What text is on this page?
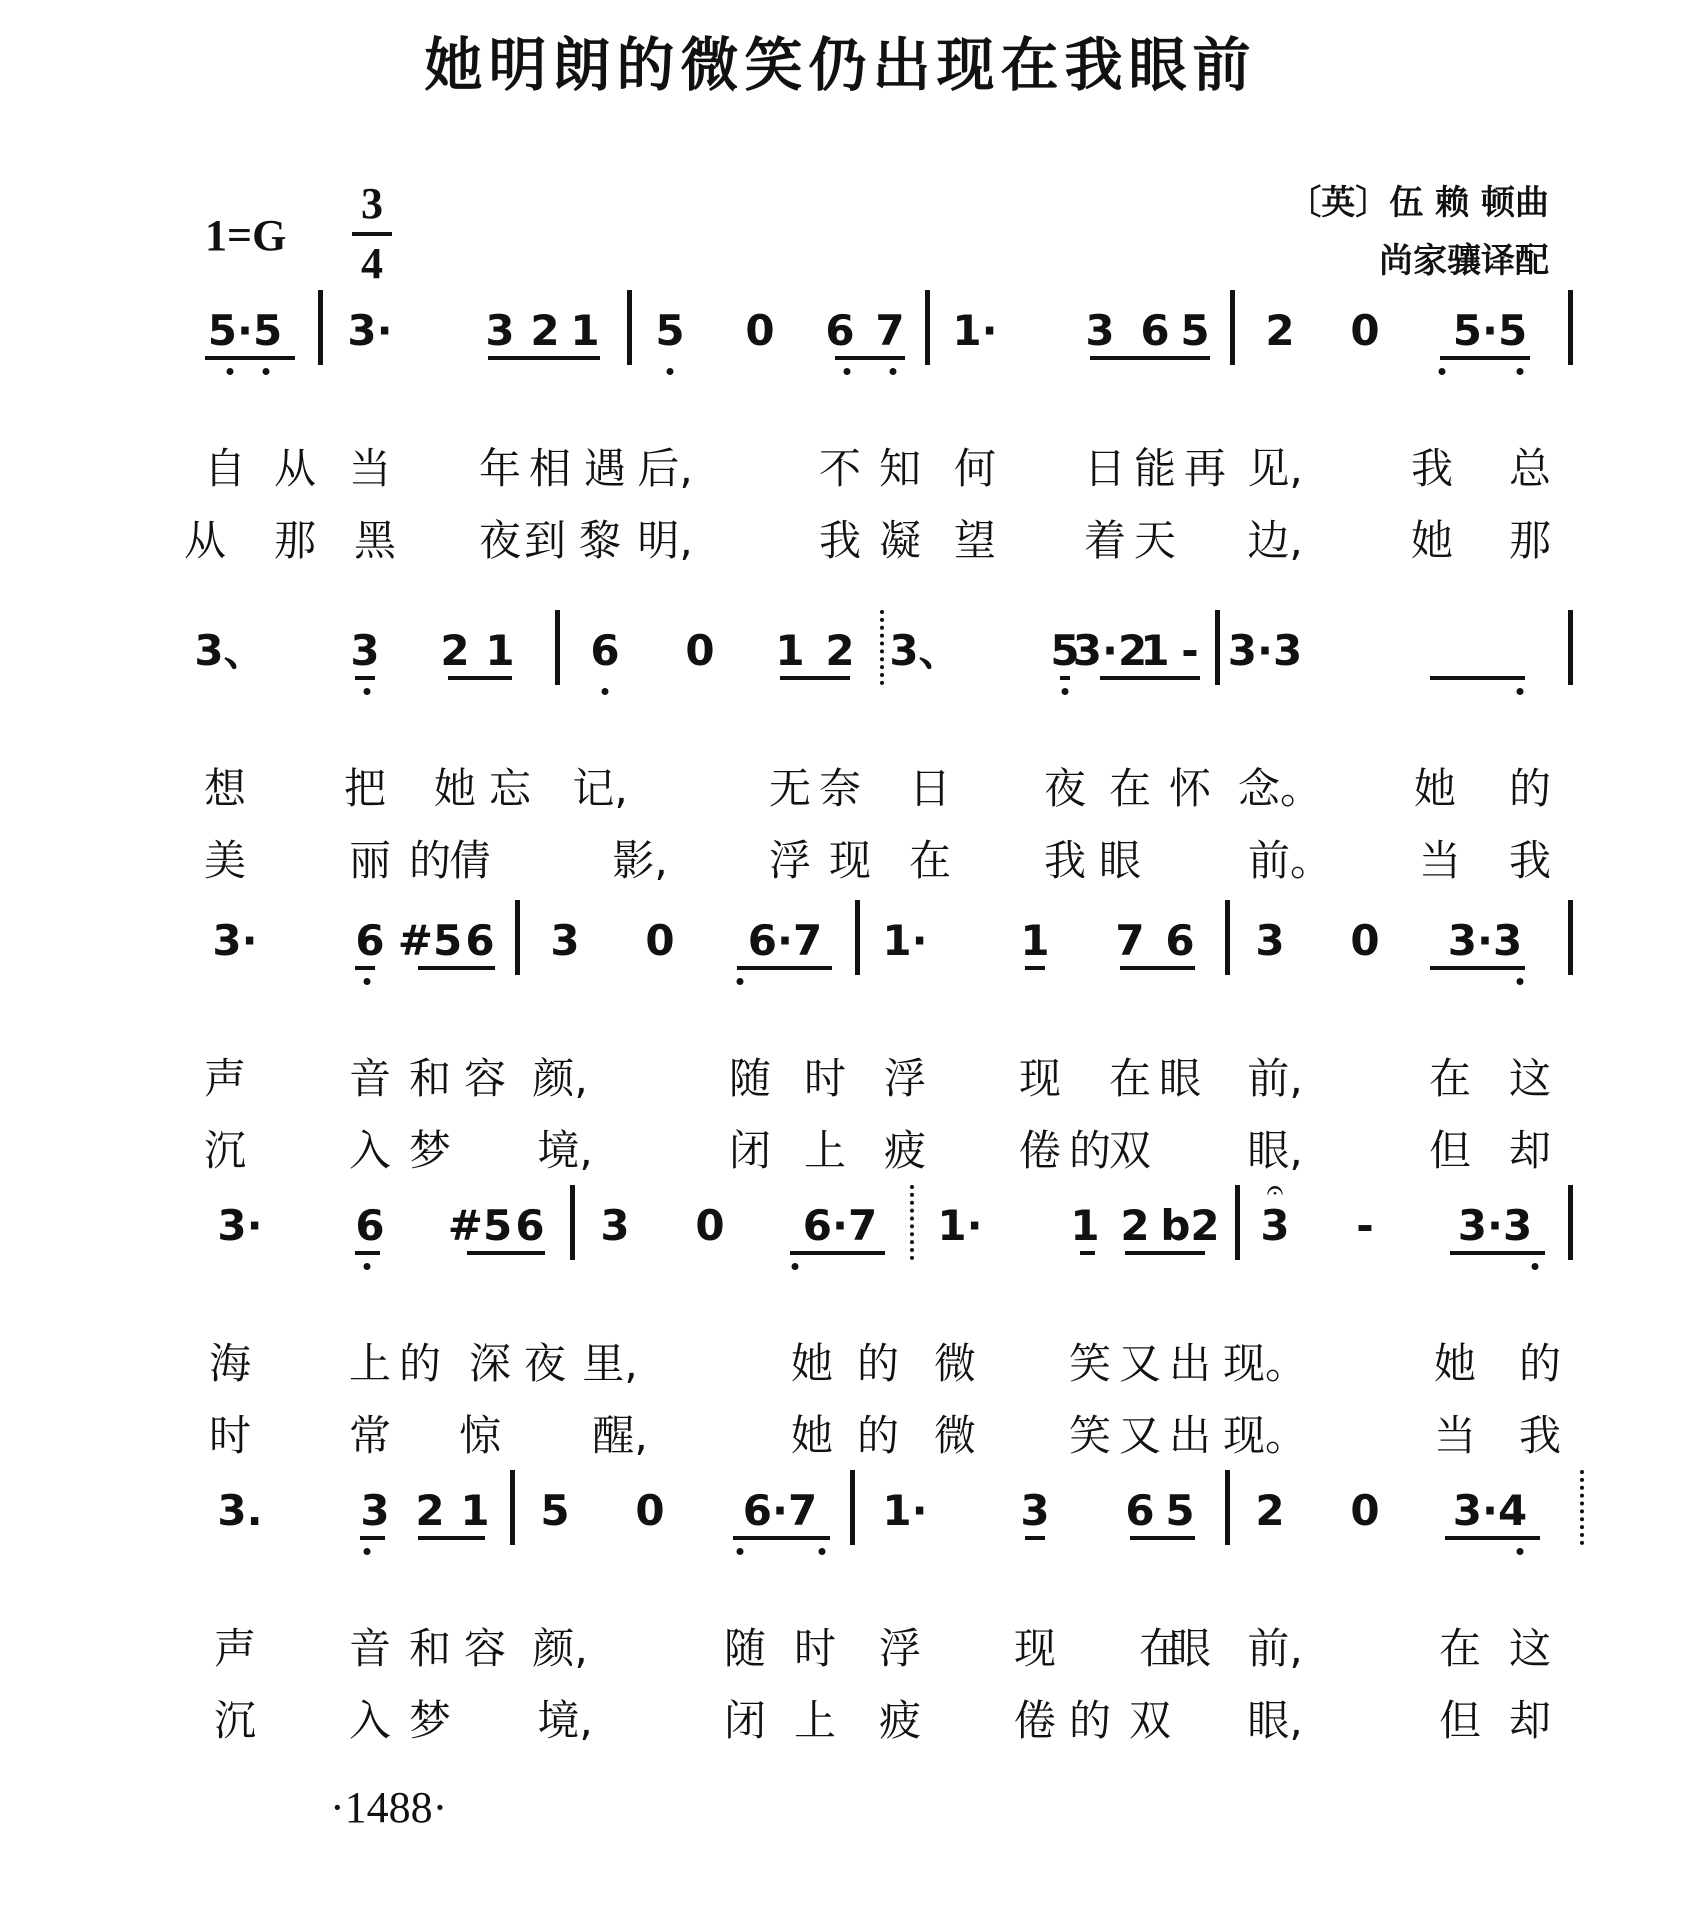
她明朗的微笑仍出现在我眼前
1=G
3
4
〔英〕伍 赖 顿曲
尚家骧译配
5·5 3· 3 2 1 5 0 6 7 1· 3 6 5 2 0 5·5
自 从 当 年 相 遇 后,	不 知 何 日 能 再 见,	我 总
从 那 黑 夜 到 黎 明,	我 凝 望 着 天 边,	她 那
3、 3 2 1 6 0 1 2 3、 5
3·2
1 - 3·3
想 把 她 忘 记,	无 奈 日 夜 在 怀 念。 她 的
美 丽 的
倩	影, 浮 现 在 我 眼	前。 当 我
3· 6 #5 6 3 0 6·7 1· 1 7 6 3 0 3·3
声 音 和 容 颜,	随 时 浮 现 在 眼 前,	在 这
沉 入 梦 境,	闭 上 疲 倦 的
双 眼,	但 却
3· 6 #5 6 3 0 6·7 1· 1 2 b2 3 - 3·3
𝄐
海 上 的 深 夜 里,	她 的 微 笑 又 出 现。	她 的
时 常 惊 醒,	她 的 微 笑 又 出 现。	当 我
3. 3 2 1 5 0 6·7 1· 3 6 5 2 0 3·4
声 音 和 容 颜,	随 时 浮 现 在
眼 前,	在 这
沉 入 梦 境,	闭 上 疲 倦 的 双 眼,	但 却
·1488·
